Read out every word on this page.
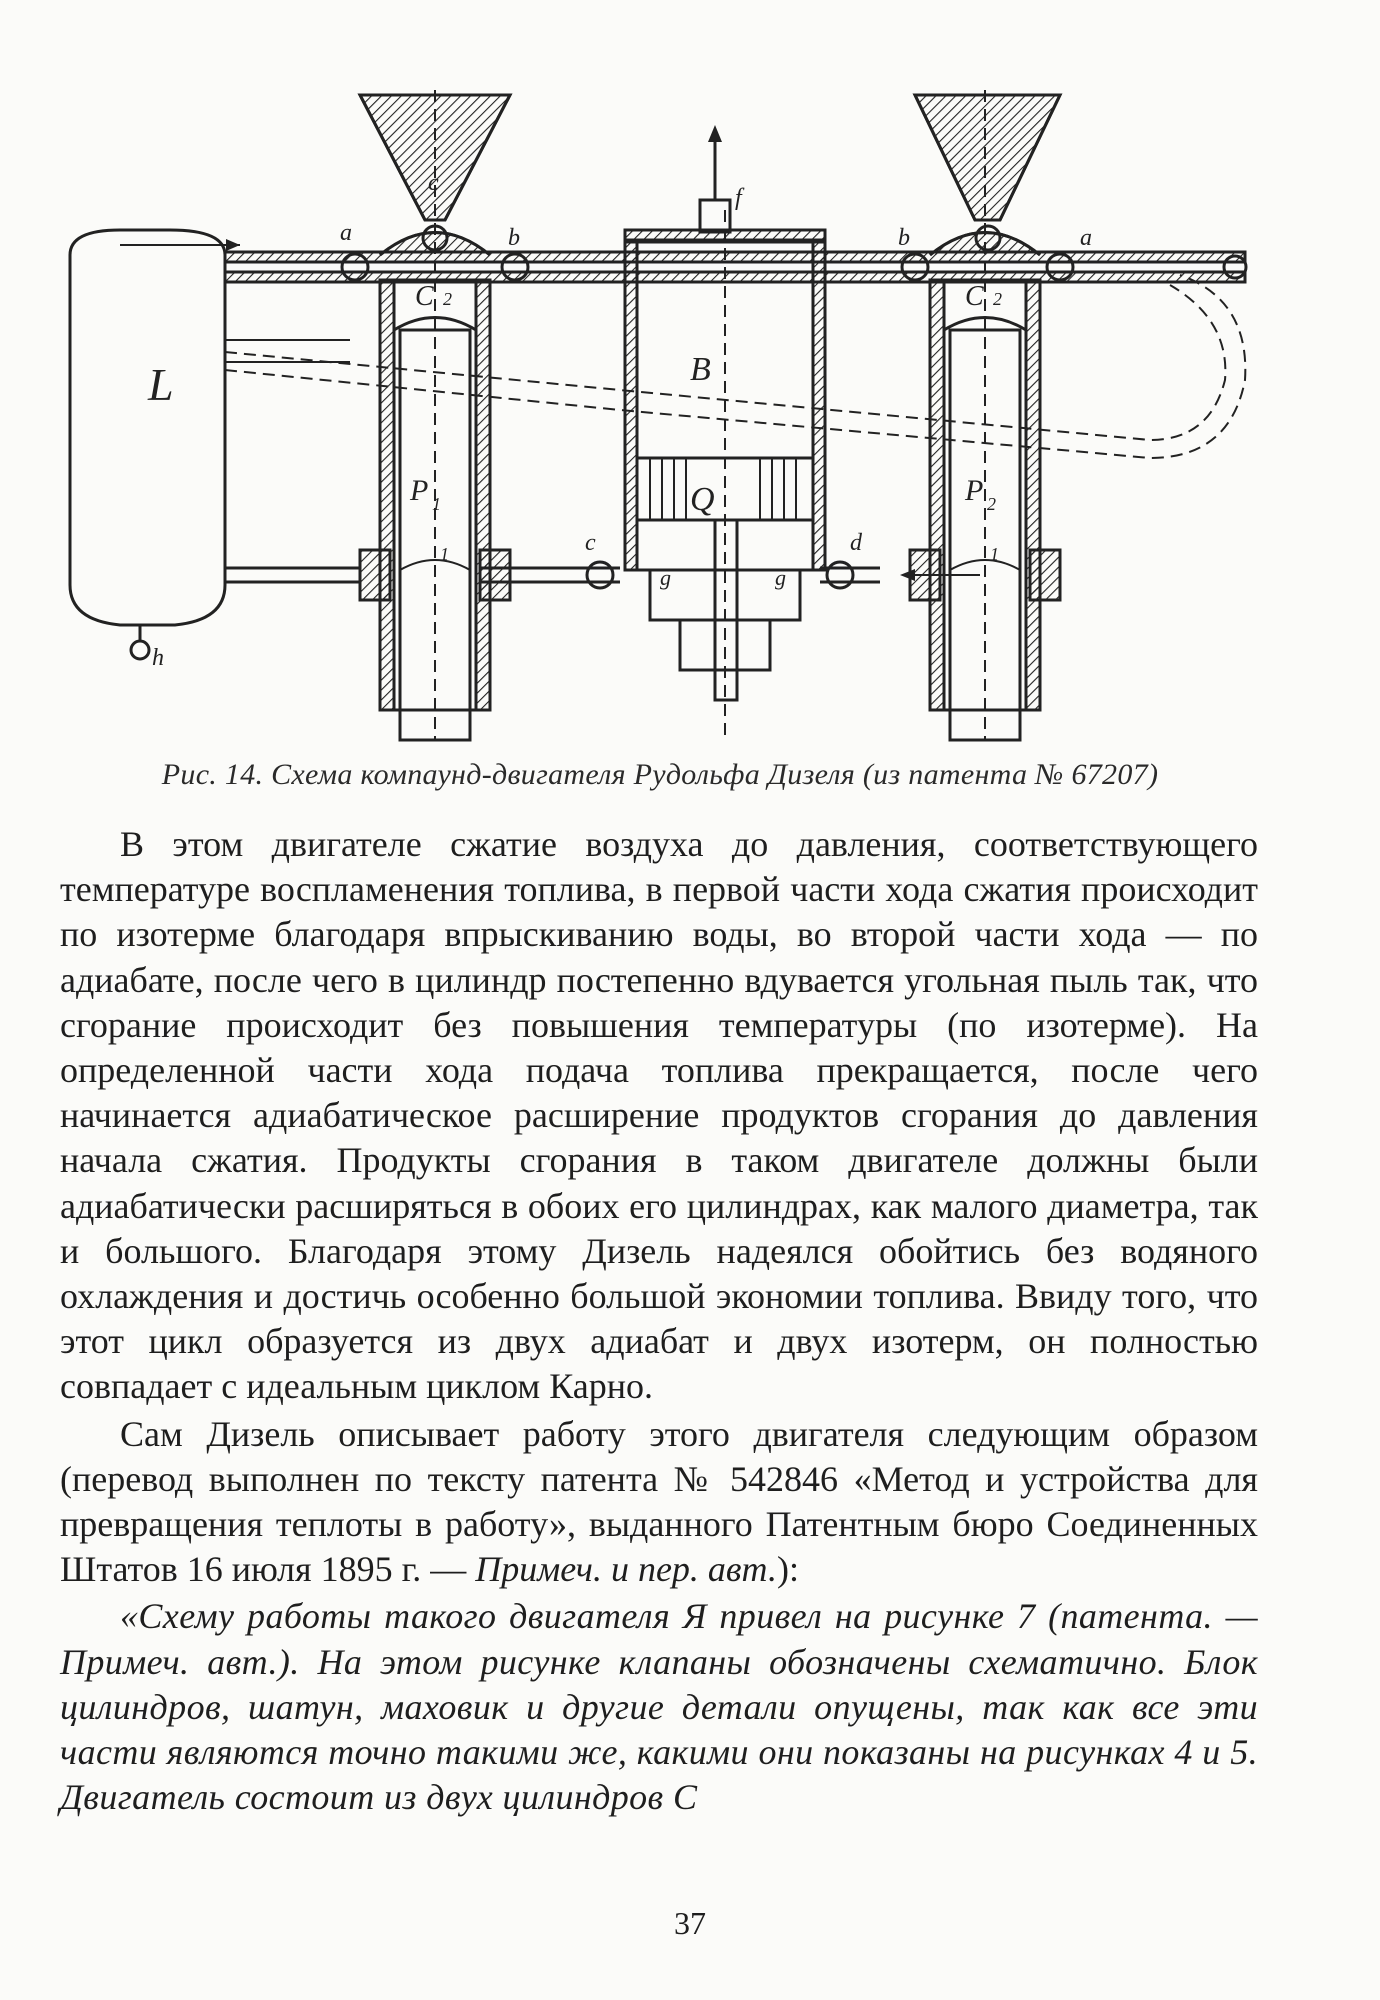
L	B
Q
C	C
P 1	P 2
a	b	b	a
c	d
f
c
h
g	g
1	1
2	2
Рис. 14. Схема компаунд-двигателя Рудольфа Дизеля (из патента № 67207)

В этом двигателе сжатие воздуха до давления, соответствующего температуре воспламенения топлива, в первой части хода сжатия происходит по изотерме благодаря впрыскиванию воды, во второй части хода — по адиабате, после чего в цилиндр постепенно вдувается угольная пыль так, что сгорание происходит без повышения температуры (по изотерме). На определенной части хода подача топлива прекращается, после чего начинается адиабатическое расширение продуктов сгорания до давления начала сжатия. Продукты сгорания в таком двигателе должны были адиабатически расширяться в обоих его цилиндрах, как малого диаметра, так и большого. Благодаря этому Дизель надеялся обойтись без водяного охлаждения и достичь особенно большой экономии топлива. Ввиду того, что этот цикл образуется из двух адиабат и двух изотерм, он полностью совпадает с идеальным циклом Карно.

Сам Дизель описывает работу этого двигателя следующим образом (перевод выполнен по тексту патента № 542846 «Метод и устройства для превращения теплоты в работу», выданного Патентным бюро Соединенных Штатов 16 июля 1895 г. — Примеч. и пер. авт.):

«Схему работы такого двигателя Я привел на рисунке 7 (патента. — Примеч. авт.). На этом рисунке клапаны обозначены схематично. Блок цилиндров, шатун, маховик и другие детали опущены, так как все эти части являются точно такими же, какими они показаны на рисунках 4 и 5. Двигатель состоит из двух цилиндров C

37
